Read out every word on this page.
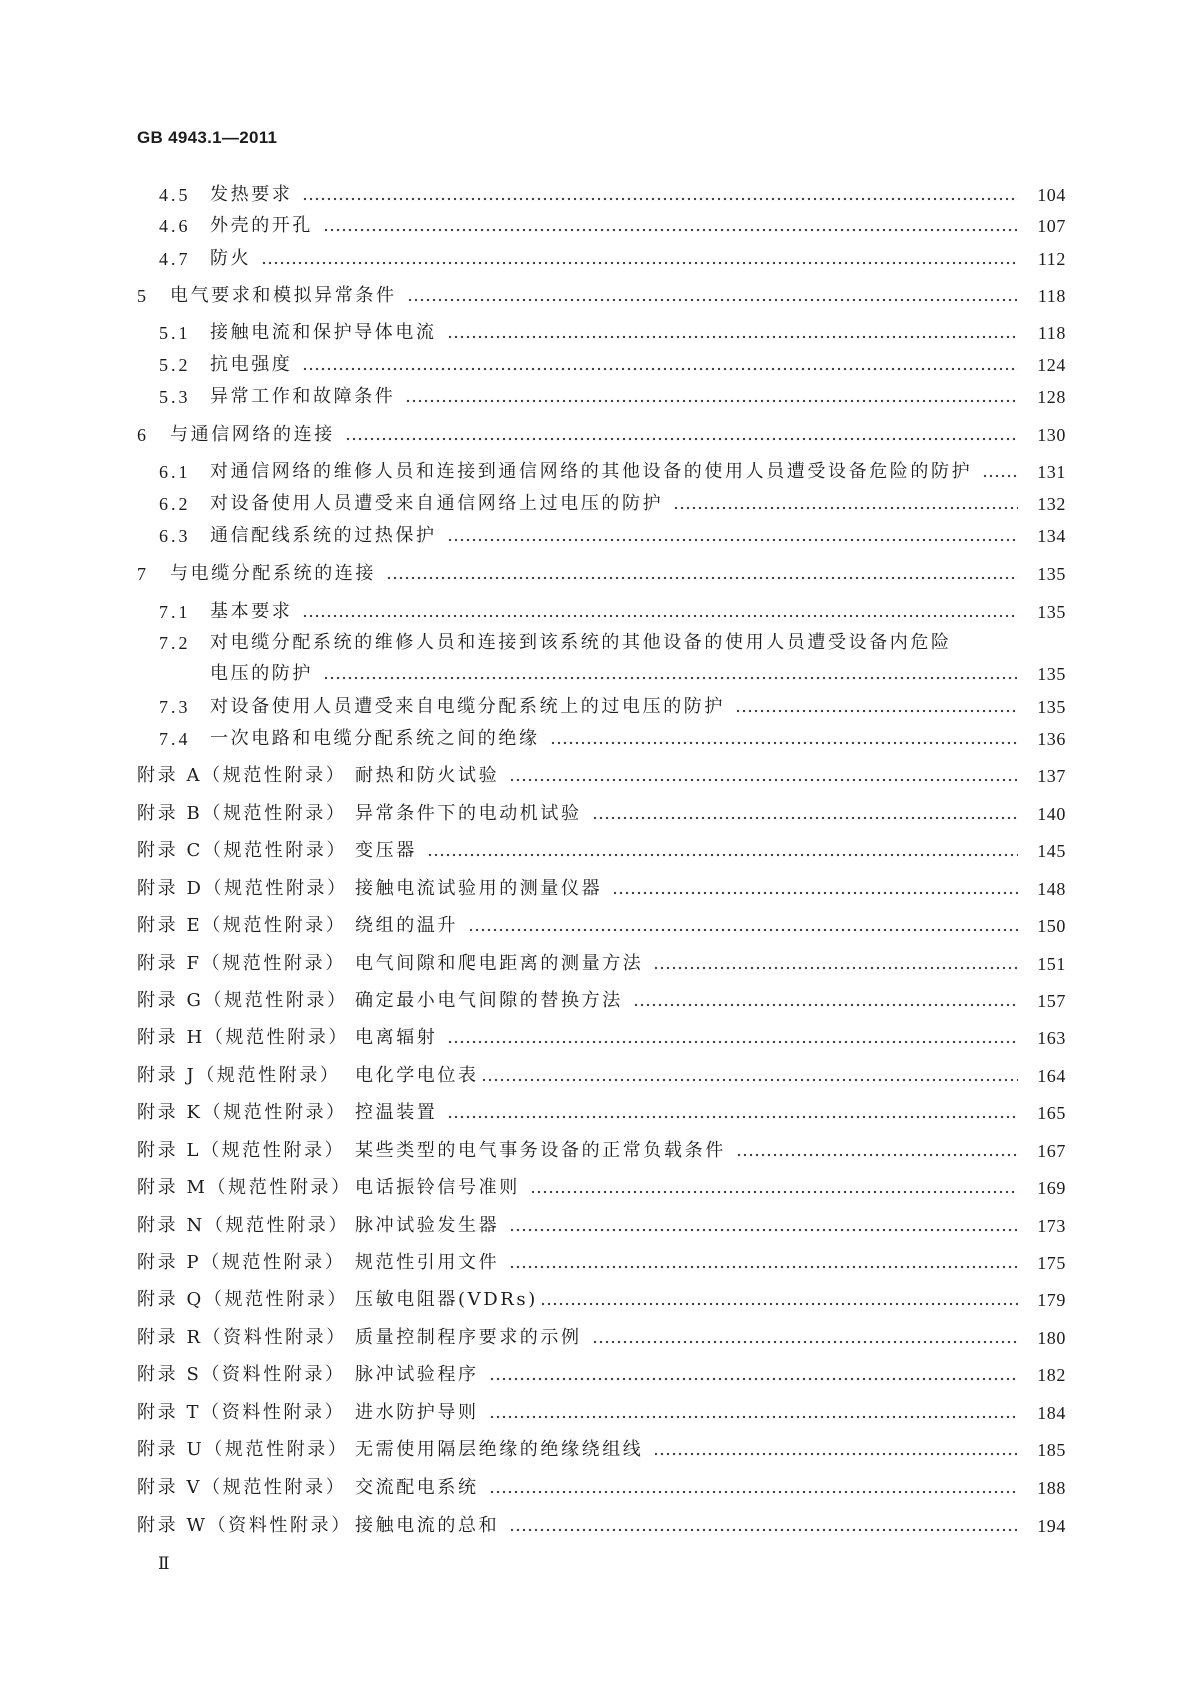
GB 4943.1—2011
4.5	发热要求	104
4.6	外壳的开孔	107
4.7	防火	112
5	电气要求和模拟异常条件	118
5.1	接触电流和保护导体电流	118
5.2	抗电强度	124
5.3	异常工作和故障条件	128
6	与通信网络的连接	130
6.1	对通信网络的维修人员和连接到通信网络的其他设备的使用人员遭受设备危险的防护	131
6.2	对设备使用人员遭受来自通信网络上过电压的防护	132
6.3	通信配线系统的过热保护	134
7	与电缆分配系统的连接	135
7.1	基本要求	135
7.2	对电缆分配系统的维修人员和连接到该系统的其他设备的使用人员遭受设备内危险
电压的防护	135
7.3	对设备使用人员遭受来自电缆分配系统上的过电压的防护	135
7.4	一次电路和电缆分配系统之间的绝缘	136
附录 A（规范性附录） 耐热和防火试验	137
附录 B（规范性附录） 异常条件下的电动机试验	140
附录 C（规范性附录） 变压器	145
附录 D（规范性附录） 接触电流试验用的测量仪器	148
附录 E（规范性附录） 绕组的温升	150
附录 F（规范性附录） 电气间隙和爬电距离的测量方法	151
附录 G（规范性附录） 确定最小电气间隙的替换方法	157
附录 H（规范性附录） 电离辐射	163
附录 J（规范性附录） 电化学电位表	164
附录 K（规范性附录） 控温装置	165
附录 L（规范性附录） 某些类型的电气事务设备的正常负载条件	167
附录 M（规范性附录） 电话振铃信号准则	169
附录 N（规范性附录） 脉冲试验发生器	173
附录 P（规范性附录） 规范性引用文件	175
附录 Q（规范性附录） 压敏电阻器(VDRs)	179
附录 R（资料性附录） 质量控制程序要求的示例	180
附录 S（资料性附录） 脉冲试验程序	182
附录 T（资料性附录） 进水防护导则	184
附录 U（规范性附录） 无需使用隔层绝缘的绝缘绕组线	185
附录 V（规范性附录） 交流配电系统	188
附录 W（资料性附录） 接触电流的总和	194
Ⅱ
